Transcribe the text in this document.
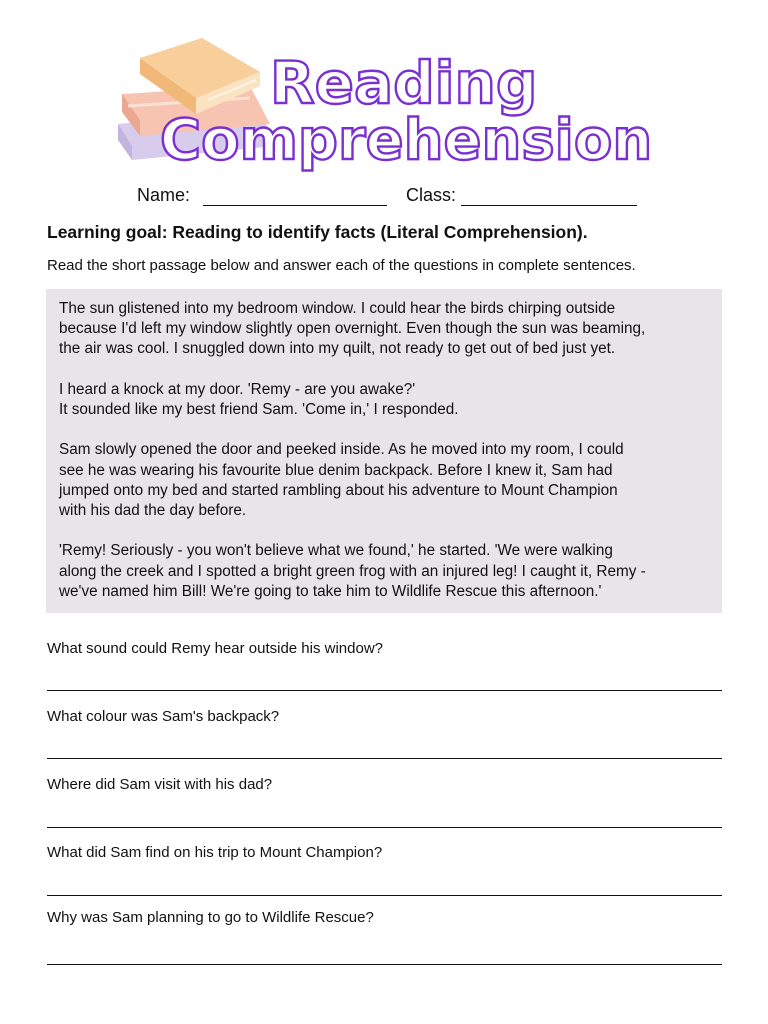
Reading
Comprehension
Name:	Class:
Learning goal: Reading to identify facts (Literal Comprehension).
Read the short passage below and answer each of the questions in complete sentences.

The sun glistened into my bedroom window. I could hear the birds chirping outside
because I'd left my window slightly open overnight. Even though the sun was beaming,
the air was cool. I snuggled down into my quilt, not ready to get out of bed just yet.

I heard a knock at my door. 'Remy - are you awake?'
It sounded like my best friend Sam. 'Come in,' I responded.

Sam slowly opened the door and peeked inside. As he moved into my room, I could
see he was wearing his favourite blue denim backpack. Before I knew it, Sam had
jumped onto my bed and started rambling about his adventure to Mount Champion
with his dad the day before.

'Remy! Seriously - you won't believe what we found,' he started. 'We were walking
along the creek and I spotted a bright green frog with an injured leg! I caught it, Remy -
we've named him Bill! We're going to take him to Wildlife Rescue this afternoon.'

What sound could Remy hear outside his window?
What colour was Sam's backpack?
Where did Sam visit with his dad?
What did Sam find on his trip to Mount Champion?
Why was Sam planning to go to Wildlife Rescue?
